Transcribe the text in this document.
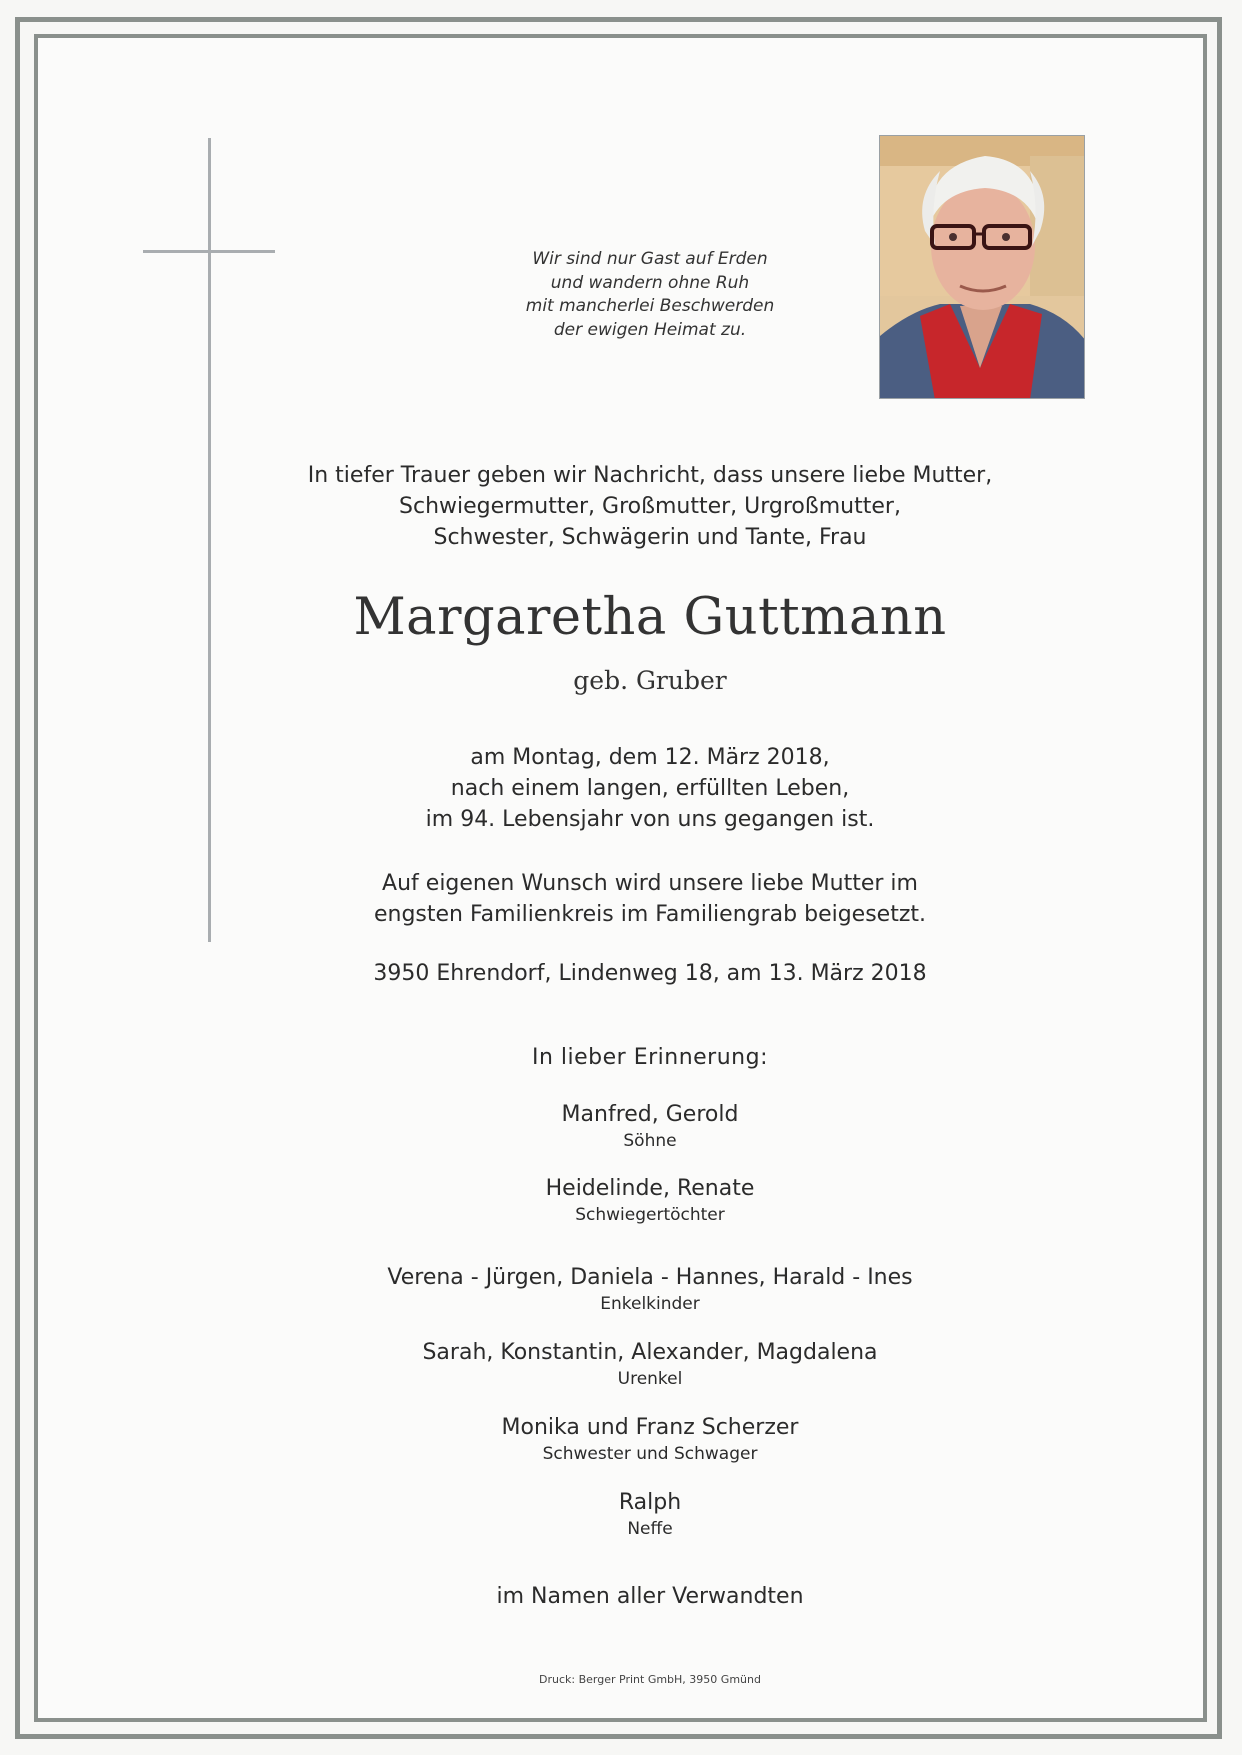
Wir sind nur Gast auf Erden
und wandern ohne Ruh
mit mancherlei Beschwerden
der ewigen Heimat zu.
In tiefer Trauer geben wir Nachricht, dass unsere liebe Mutter,
Schwiegermutter, Großmutter, Urgroßmutter,
Schwester, Schwägerin und Tante, Frau
Margaretha Guttmann
geb. Gruber
am Montag, dem 12. März 2018,
nach einem langen, erfüllten Leben,
im 94. Lebensjahr von uns gegangen ist.
Auf eigenen Wunsch wird unsere liebe Mutter im
engsten Familienkreis im Familiengrab beigesetzt.
3950 Ehrendorf, Lindenweg 18, am 13. März 2018
In lieber Erinnerung:
Manfred, Gerold
Söhne
Heidelinde, Renate
Schwiegertöchter
Verena - Jürgen, Daniela - Hannes, Harald - Ines
Enkelkinder
Sarah, Konstantin, Alexander, Magdalena
Urenkel
Monika und Franz Scherzer
Schwester und Schwager
Ralph
Neffe
im Namen aller Verwandten
Druck: Berger Print GmbH, 3950 Gmünd
